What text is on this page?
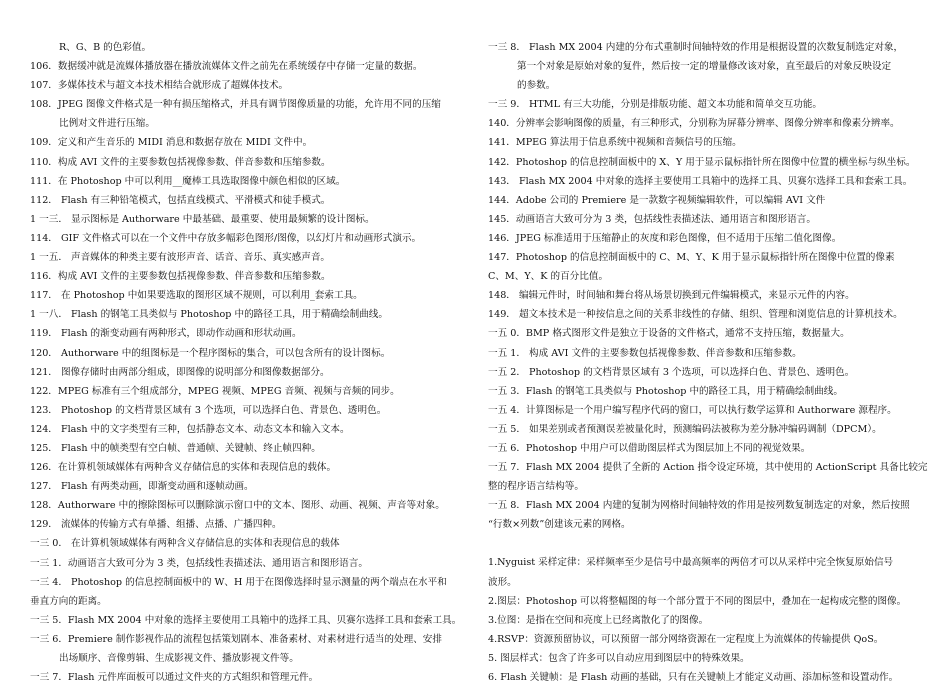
R、G、B 的色彩值。
106．数据缓冲就是流媒体播放器在播放流媒体文件之前先在系统缓存中存储一定量的数据。
107．多媒体技术与超文本技术相结合就形成了超媒体技术。
108．JPEG 图像文件格式是一种有损压缩格式，并具有调节图像质量的功能，允许用不同的压缩
比例对文件进行压缩。
109．定义和产生音乐的 MIDI 消息和数据存放在 MIDI 文件中。
110．构成 AVI 文件的主要参数包括视像参数、伴音参数和压缩参数。
111．在 Photoshop 中可以利用__魔棒工具选取图像中颜色相似的区域。
112． Flash 有三种铅笔模式，包括直线模式、平滑模式和徒手模式。
1 一三． 显示图标是 Authorware 中最基础、最重要、使用最频繁的设计图标。
114． GIF 文件格式可以在一个文件中存放多幅彩色图形/图像，以幻灯片和动画形式演示。
1 一五． 声音媒体的种类主要有波形声音、话音、音乐、真实感声音。
116．构成 AVI 文件的主要参数包括视像参数、伴音参数和压缩参数。
117． 在 Photoshop 中如果要选取的图形区域不规则，可以利用_套索工具。
1 一八． Flash 的钢笔工具类似与 Photoshop 中的路径工具，用于精确绘制曲线。
119． Flash 的渐变动画有两种形式，即动作动画和形状动画。
120． Authorware 中的组图标是一个程序图标的集合，可以包含所有的设计图标。
121． 图像存储时由两部分组成，即图像的说明部分和图像数据部分。
122．MPEG 标准有三个组成部分，MPEG 视频、MPEG 音频、视频与音频的同步。
123． Photoshop 的文档背景区域有 3 个选项，可以选择白色、背景色、透明色。
124． Flash 中的文字类型有三种，包括静态文本、动态文本和输入文本。
125． Flash 中的帧类型有空白帧、普通帧、关键帧、终止帧四种。
126．在计算机领域媒体有两种含义存储信息的实体和表现信息的载体。
127． Flash 有两类动画，即渐变动画和逐帧动画。
128．Authorware 中的擦除图标可以删除演示窗口中的文本、图形、动画、视频、声音等对象。
129． 流媒体的传输方式有单播、组播、点播、广播四种。
一三 0． 在计算机领域媒体有两种含义存储信息的实体和表现信息的载体
一三 1．动画语言大致可分为 3 类，包括线性表描述法、通用语言和图形语言。
一三 4． Photoshop 的信息控制面板中的 W、H 用于在图像选择时显示测量的两个端点在水平和
垂直方向的距离。
一三 5．Flash MX 2004 中对象的选择主要使用工具箱中的选择工具、贝赛尔选择工具和套索工具。
一三 6．Premiere 制作影视作品的流程包括策划剧本、准备素材、对素材进行适当的处理、安排
出场顺序、音像剪辑、生成影视文件、播放影视文件等。
一三 7．Flash 元件库面板可以通过文件夹的方式组织和管理元件。
一三 8． Flash MX 2004 内建的分布式重制时间轴特效的作用是根据设置的次数复制选定对象，
第一个对象是原始对象的复件，然后按一定的增量修改该对象，直至最后的对象反映设定
的参数。
一三 9． HTML 有三大功能，分别是排版功能、超文本功能和简单交互功能。
140．分辨率会影响图像的质量，有三种形式，分别称为屏幕分辨率、图像分辨率和像素分辨率。
141．MPEG 算法用于信息系统中视频和音频信号的压缩。
142．Photoshop 的信息控制面板中的 X、Y 用于显示鼠标指针所在图像中位置的横坐标与纵坐标。
143． Flash MX 2004 中对象的选择主要使用工具箱中的选择工具、贝赛尔选择工具和套索工具。
144．Adobe 公司的 Premiere 是一款数字视频编辑软件，可以编辑 AVI 文件
145．动画语言大致可分为 3 类，包括线性表描述法、通用语言和图形语言。
146．JPEG 标准适用于压缩静止的灰度和彩色图像，但不适用于压缩二值化图像。
147．Photoshop 的信息控制面板中的 C、M、Y、K 用于显示鼠标指针所在图像中位置的像素
C、M、Y、K 的百分比值。
148． 编辑元件时，时间轴和舞台将从场景切换到元件编辑模式，来显示元件的内容。
149． 超文本技术是一种按信息之间的关系非线性的存储、组织、管理和浏览信息的计算机技术。
一五 0．BMP 格式图形文件是独立于设备的文件格式，通常不支持压缩，数据量大。
一五 1． 构成 AVI 文件的主要参数包括视像参数、伴音参数和压缩参数。
一五 2． Photoshop 的文档背景区域有 3 个选项，可以选择白色、背景色、透明色。
一五 3．Flash 的钢笔工具类似与 Photoshop 中的路径工具，用于精确绘制曲线。
一五 4．计算图标是一个用户编写程序代码的窗口，可以执行数学运算和 Authorware 源程序。
一五 5． 如果差别或者预测误差被量化时，预测编码法被称为差分脉冲编码调制（DPCM）。
一五 6．Photoshop 中用户可以借助图层样式为图层加上不同的视觉效果。
一五 7．Flash MX 2004 提供了全新的 Action 指令设定环境，其中使用的 ActionScript 具备比较完
整的程序语言结构等。
一五 8．Flash MX 2004 内建的复制为网格时间轴特效的作用是按列数复制选定的对象，然后按照
“行数×列数”创建该元素的网格。
1.Nyguist 采样定律：采样频率至少是信号中最高频率的两倍才可以从采样中完全恢复原始信号
波形。
2.图层：Photoshop 可以将整幅图的每一个部分置于不同的图层中，叠加在一起构成完整的图像。
3.位图：是指在空间和亮度上已经离散化了的图像。
4.RSVP：资源预留协议，可以预留一部分网络资源在一定程度上为流媒体的传输提供 QoS。
5. 图层样式：包含了许多可以自动应用到图层中的特殊效果。
6. Flash 关键帧：是 Flash 动画的基础，只有在关键帧上才能定义动画、添加标签和设置动作。
